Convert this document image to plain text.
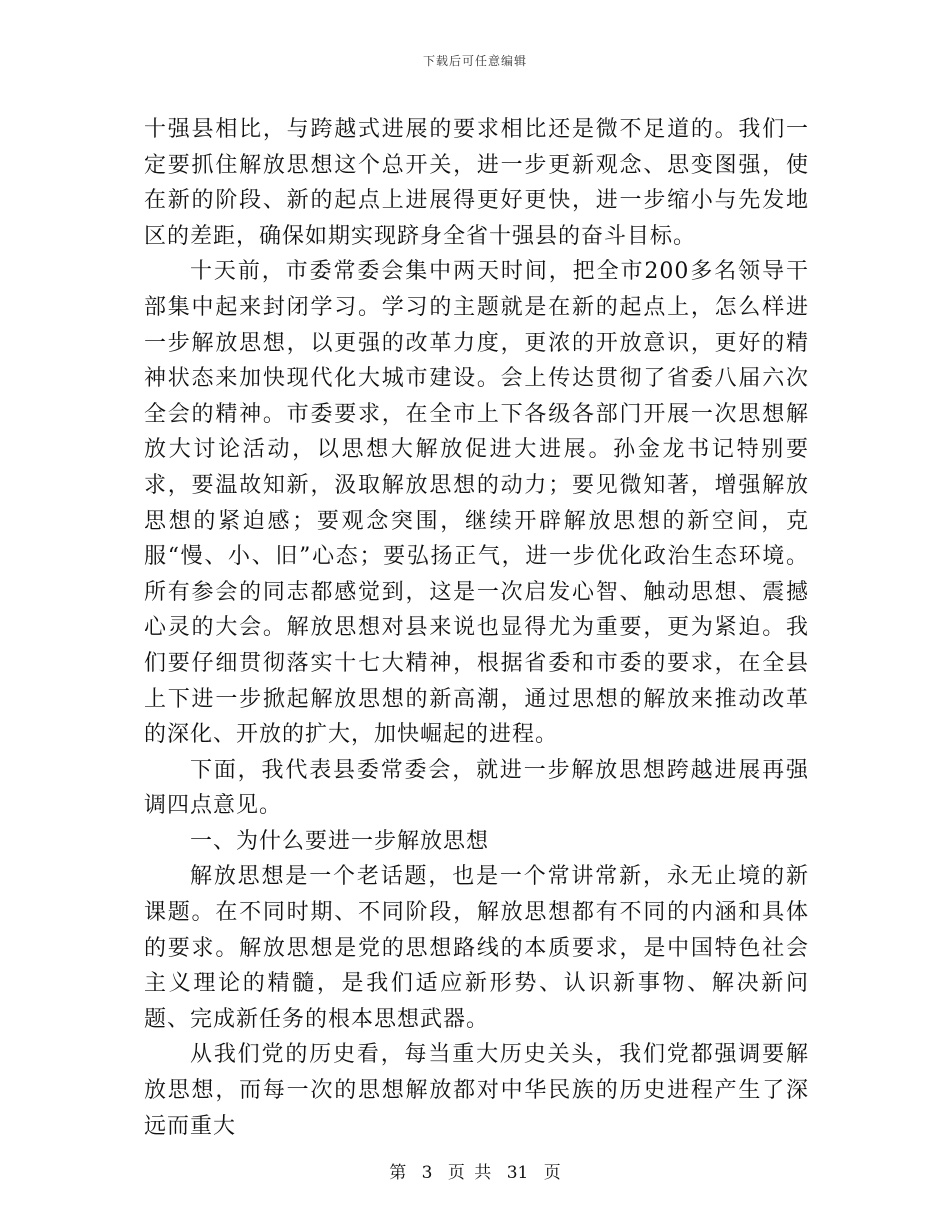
下载后可任意编辑

十强县相比，与跨越式进展的要求相比还是微不足道的。我们一定要抓住解放思想这个总开关，进一步更新观念、思变图强，使在新的阶段、新的起点上进展得更好更快，进一步缩小与先发地区的差距，确保如期实现跻身全省十强县的奋斗目标。

十天前，市委常委会集中两天时间，把全市200多名领导干部集中起来封闭学习。学习的主题就是在新的起点上，怎么样进一步解放思想，以更强的改革力度，更浓的开放意识，更好的精神状态来加快现代化大城市建设。会上传达贯彻了省委八届六次全会的精神。市委要求，在全市上下各级各部门开展一次思想解放大讨论活动，以思想大解放促进大进展。孙金龙书记特别要求，要温故知新，汲取解放思想的动力；要见微知著，增强解放思想的紧迫感；要观念突围，继续开辟解放思想的新空间，克服“慢、小、旧”心态；要弘扬正气，进一步优化政治生态环境。所有参会的同志都感觉到，这是一次启发心智、触动思想、震撼心灵的大会。解放思想对县来说也显得尤为重要，更为紧迫。我们要仔细贯彻落实十七大精神，根据省委和市委的要求，在全县上下进一步掀起解放思想的新高潮，通过思想的解放来推动改革的深化、开放的扩大，加快崛起的进程。

下面，我代表县委常委会，就进一步解放思想跨越进展再强调四点意见。

一、为什么要进一步解放思想

解放思想是一个老话题，也是一个常讲常新，永无止境的新课题。在不同时期、不同阶段，解放思想都有不同的内涵和具体的要求。解放思想是党的思想路线的本质要求，是中国特色社会主义理论的精髓，是我们适应新形势、认识新事物、解决新问题、完成新任务的根本思想武器。

从我们党的历史看，每当重大历史关头，我们党都强调要解放思想，而每一次的思想解放都对中华民族的历史进程产生了深远而重大

第 3 页 共 31 页
